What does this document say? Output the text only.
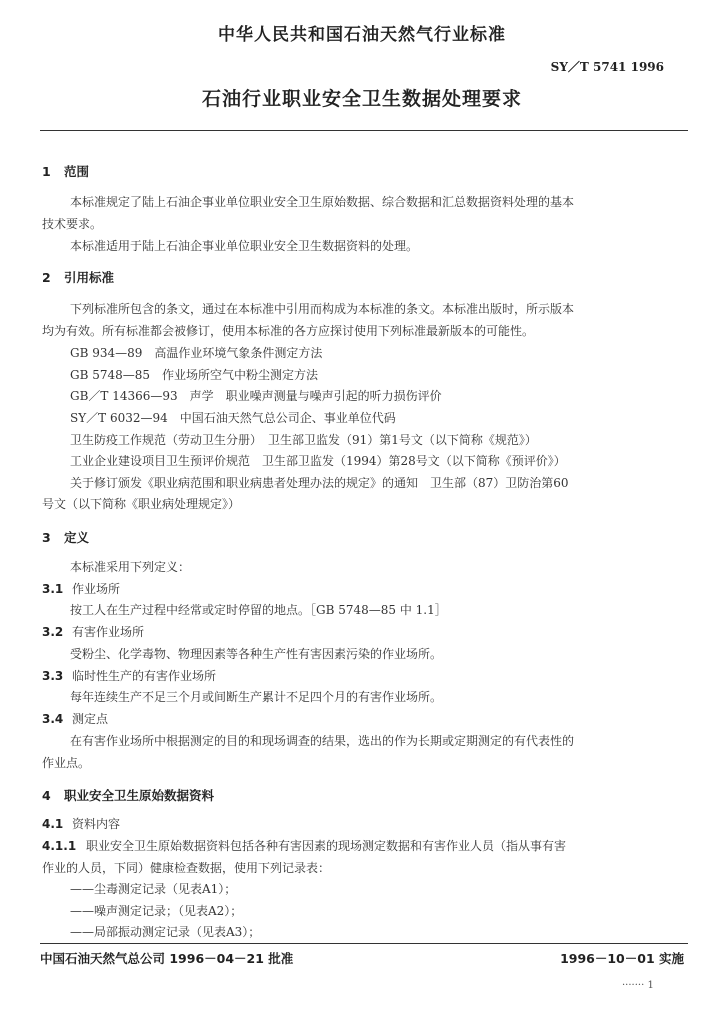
中华人民共和国石油天然气行业标准
SY／T 5741 1996
石油行业职业安全卫生数据处理要求
1 范围
本标准规定了陆上石油企事业单位职业安全卫生原始数据、综合数据和汇总数据资料处理的基本
技术要求。
本标准适用于陆上石油企事业单位职业安全卫生数据资料的处理。
2 引用标准
下列标准所包含的条文，通过在本标准中引用而构成为本标准的条文。本标准出版时，所示版本
均为有效。所有标准都会被修订，使用本标准的各方应探讨使用下列标准最新版本的可能性。
GB 934—89　高温作业环境气象条件测定方法
GB 5748—85　作业场所空气中粉尘测定方法
GB／T 14366—93　声学　职业噪声测量与噪声引起的听力损伤评价
SY／T 6032—94　中国石油天然气总公司企、事业单位代码
卫生防疫工作规范（劳动卫生分册）　卫生部卫监发（91）第1号文（以下简称《规范》）
工业企业建设项目卫生预评价规范　卫生部卫监发（1994）第28号文（以下简称《预评价》）
关于修订颁发《职业病范围和职业病患者处理办法的规定》的通知　卫生部（87）卫防治第60
号文（以下简称《职业病处理规定》）
3 定义
本标准采用下列定义：
3.1 作业场所
按工人在生产过程中经常或定时停留的地点。［GB 5748—85 中 1.1］
3.2 有害作业场所
受粉尘、化学毒物、物理因素等各种生产性有害因素污染的作业场所。
3.3 临时性生产的有害作业场所
每年连续生产不足三个月或间断生产累计不足四个月的有害作业场所。
3.4 测定点
在有害作业场所中根据测定的目的和现场调查的结果，选出的作为长期或定期测定的有代表性的
作业点。
4 职业安全卫生原始数据资料
4.1 资料内容
4.1.1 职业安全卫生原始数据资料包括各种有害因素的现场测定数据和有害作业人员（指从事有害
作业的人员，下同）健康检查数据，使用下列记录表：
——尘毒测定记录（见表A1）；
——噪声测定记录；（见表A2）；
——局部振动测定记录（见表A3）；
中国石油天然气总公司 1996－04－21 批准	1996－10－01 实施
······· 1
